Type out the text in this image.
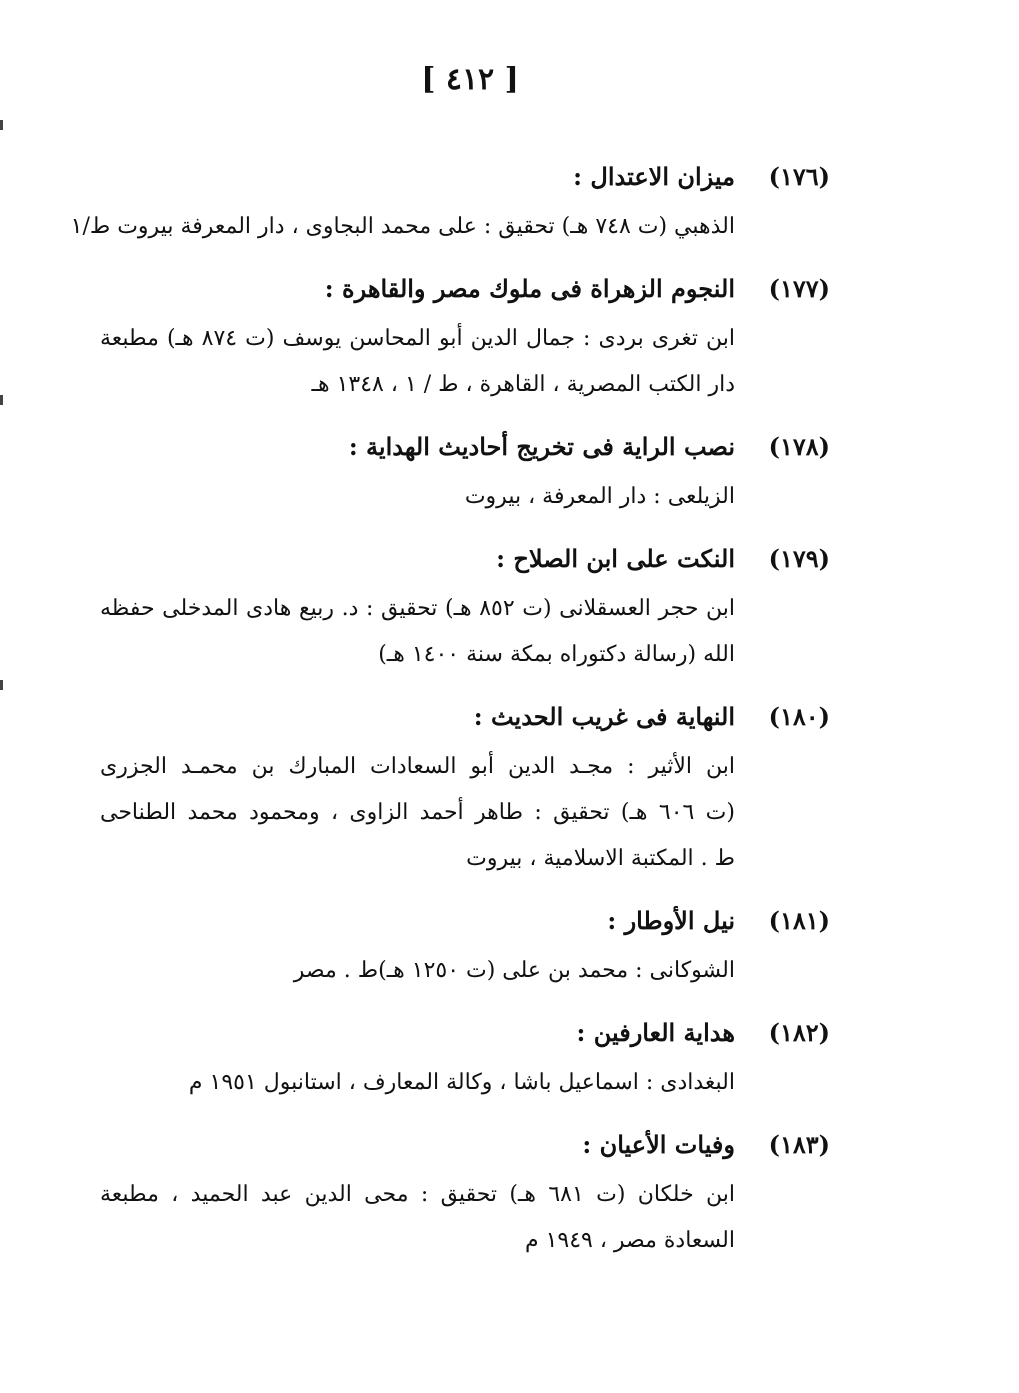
[ ٤١٢ ]
(١٧٦)
ميزان الاعتدال :
الذهبي (ت ٧٤٨ هـ) تحقيق : على محمد البجاوى ، دار المعرفة بيروت ط/١
(١٧٧)
النجوم الزهراة فى ملوك مصر والقاهرة :
ابن تغرى بردى : جمال الدين أبو المحاسن يوسف (ت ٨٧٤ هـ) مطبعة
دار الكتب المصرية ، القاهرة ، ط / ١ ، ١٣٤٨ هـ
(١٧٨)
نصب الراية فى تخريج أحاديث الهداية :
الزيلعى : دار المعرفة ، بيروت
(١٧٩)
النكت على ابن الصلاح :
ابن حجر العسقلانى (ت ٨٥٢ هـ) تحقيق : د. ربيع هادى المدخلى حفظه
الله (رسالة دكتوراه بمكة سنة ١٤٠٠ هـ)
(١٨٠)
النهاية فى غريب الحديث :
ابن الأثير : مجـد الدين أبو السعادات المبارك بن محمـد الجزرى
(ت ٦٠٦ هـ) تحقيق : طاهر أحمد الزاوى ، ومحمود محمد الطناحى
ط . المكتبة الاسلامية ، بيروت
(١٨١)
نيل الأوطار :
الشوكانى : محمد بن على (ت ١٢٥٠ هـ)ط . مصر
(١٨٢)
هداية العارفين :
البغدادى : اسماعيل باشا ، وكالة المعارف ، استانبول ١٩٥١ م
(١٨٣)
وفيات الأعيان :
ابن خلكان (ت ٦٨١ هـ) تحقيق : محى الدين عبد الحميد ، مطبعة
السعادة مصر ، ١٩٤٩ م
